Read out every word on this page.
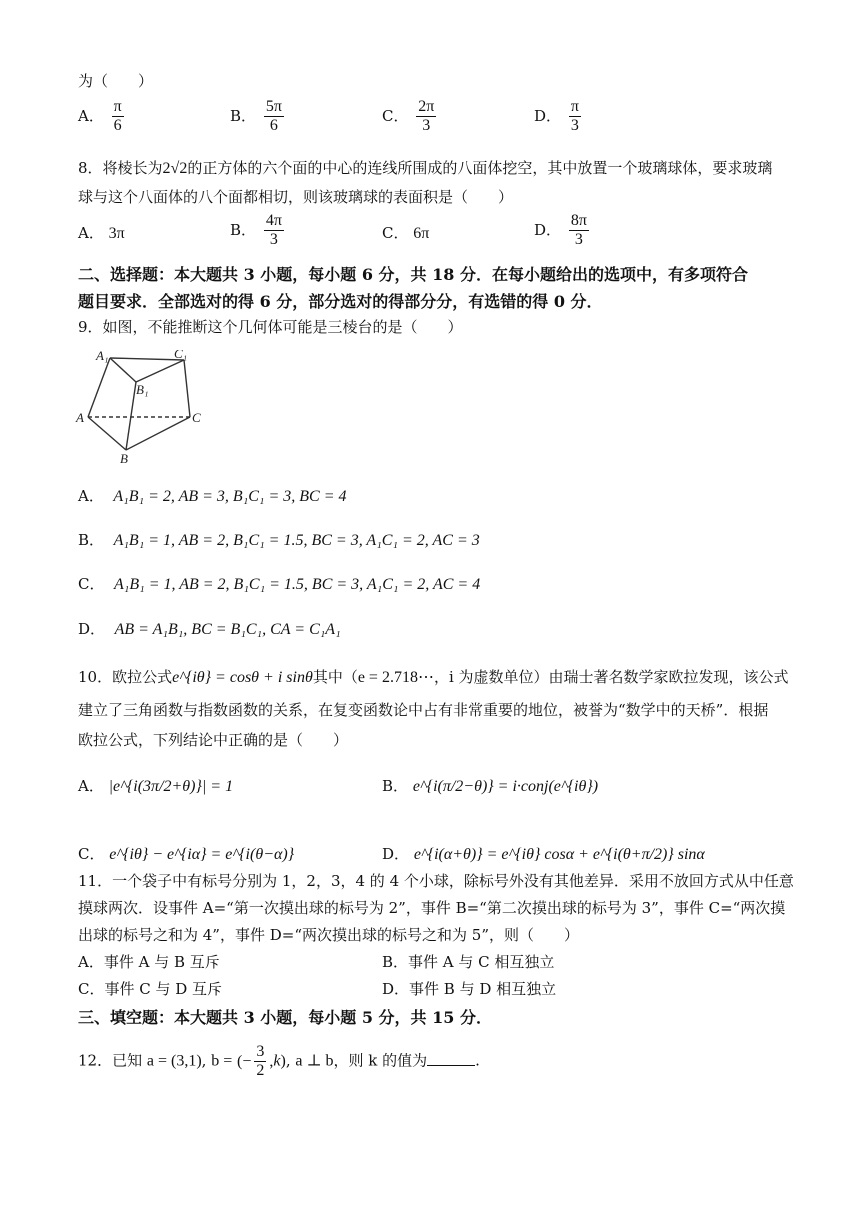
为（　　）
A． $\frac{\pi}{6}$	B． $\frac{5\pi}{6}$	C． $\frac{2\pi}{3}$	D． $\frac{\pi}{3}$
8．将棱长为2√2的正方体的六个面的中心的连线所围成的八面体挖空，其中放置一个玻璃球体，要求玻璃
球与这个八面体的八个面都相切，则该玻璃球的表面积是（　　）
A． 3π	B． $\frac{4\pi}{3}$	C． 6π	D． $\frac{8\pi}{3}$
二、选择题：本大题共 3 小题，每小题 6 分，共 18 分．在每小题给出的选项中，有多项符合
题目要求．全部选对的得 6 分，部分选对的得部分分，有选错的得 0 分．
9．如图，不能推断这个几何体可能是三棱台的是（　　）
A₁	C₁
B₁
A	C
B
A． A₁B₁ = 2, AB = 3, B₁C₁ = 3, BC = 4
B． A₁B₁ = 1, AB = 2, B₁C₁ = 1.5, BC = 3, A₁C₁ = 2, AC = 3
C． A₁B₁ = 1, AB = 2, B₁C₁ = 1.5, BC = 3, A₁C₁ = 2, AC = 4
D． AB = A₁B₁, BC = B₁C₁, CA = C₁A₁
10．欧拉公式e^{iθ} = cosθ + i sinθ其中（e = 2.718⋯，i 为虚数单位）由瑞士著名数学家欧拉发现，该公式
建立了三角函数与指数函数的关系，在复变函数论中占有非常重要的地位，被誉为“数学中的天桥”．根据
欧拉公式，下列结论中正确的是（　　）
A． |e^{i(3π/2+θ)}| = 1	B． e^{i(π/2−θ)} = i·conj(e^{iθ})
C． e^{iθ} − e^{iα} = e^{i(θ−α)}	D． e^{i(α+θ)} = e^{iθ} cosα + e^{i(θ+π/2)} sinα
11．一个袋子中有标号分别为 1，2，3，4 的 4 个小球，除标号外没有其他差异．采用不放回方式从中任意
摸球两次．设事件 A=“第一次摸出球的标号为 2”，事件 B=“第二次摸出球的标号为 3”，事件 C=“两次摸
出球的标号之和为 4”，事件 D=“两次摸出球的标号之和为 5”，则（　　）
A．事件 A 与 B 互斥	B．事件 A 与 C 相互独立
C．事件 C 与 D 互斥	D．事件 B 与 D 相互独立
三、填空题：本大题共 3 小题，每小题 5 分，共 15 分．
12．已知 a = (3,1), b = (− $\frac{3}{2} ,k$), a ⊥ b，则 k 的值为	.
